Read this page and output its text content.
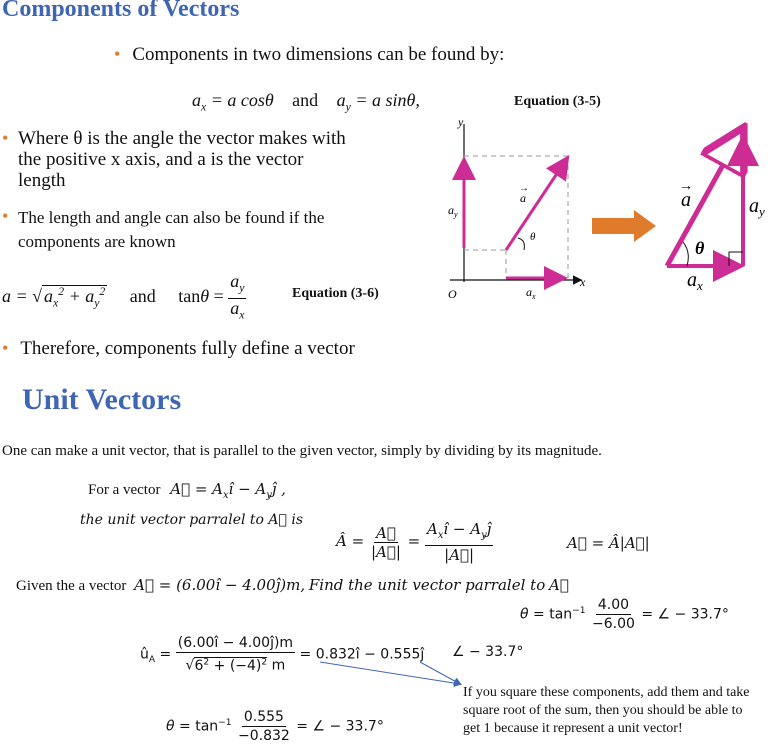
Components of Vectors
• Components in two dimensions can be found by:
$a_x = a$ cosθ and $a_y = a$ sinθ,	Equation (3-5)
• Where θ is the angle the vector makes with the positive x axis, and a is the vector length
• The length and angle can also be found if the components are known
a = √ $a_x^2 + a_y^2$ and $\tan\theta = \frac{a_y}{a_x}$	Equation (3-6)
• Therefore, components fully define a vector
x
y
O
a
→
θ
$a_y$
$a_x$
θ
a
→
$a_y$
$a_x$
Unit Vectors
One can make a unit vector, that is parallel to the given vector, simply by dividing by its magnitude.
For a vector A⃗ = $A_xî$ − $A_yĵ$ ,
the unit vector parralel to A⃗ is
Â = $\frac{A⃗}{|A⃗|} = \frac{A_xî - A_yĵ}{|A⃗|}$	A⃗ = Â|A⃗|
Given the a vector A⃗ = (6.00î − 4.00ĵ)m, Find the unit vector parralel to A⃗
$\theta = \tan^{-1} \frac{4.00}{-6.00}$ = ∠ − 33.7°
$û_A = \frac{(6.00î - 4.00ĵ)m}{√6^2 + (-4)^2 m}$ = 0.832î − 0.555ĵ ∠ − 33.7°
If you square these components, add them and take square root of the sum, then you should be able to get 1 because it represent a unit vector!
$\theta = \tan^{-1} \frac{0.555}{-0.832}$ = ∠ − 33.7°
